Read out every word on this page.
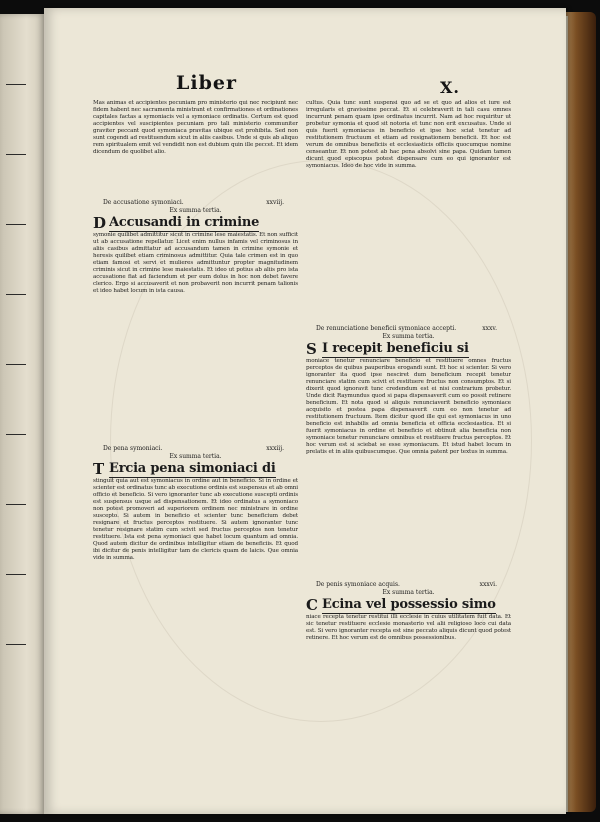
Liber	X.

Mas animas et accipientes pecuniam pro ministerio qui nec recipiunt nec fidem habent nec sacramenta ministrant et confirmationes et ordinationes capitales factas a symoniacis vel a symoniace ordinatis. Certum est quod accipientes vel suscipientes pecuniam pro tali ministerio communiter graviter peccant quod symoniaca pravitas ubique est prohibita. Sed non sunt cogendi ad restituendum sicut in aliis casibus. Unde si quis ab aliquo rem spiritualem emit vel vendidit non est dubium quin ille peccet. Et idem dicendum de quolibet alio.

De accusatione symoniaci.	xxviij.

Ex summa tertia.

D Accusandi in crimine

symonie quilibet admittitur sicut in crimine lese maiestatis. Et non sufficit ut ab accusatione repellatur. Licet enim nullus infamis vel criminosus in aliis casibus admittatur ad accusandum tamen in crimine symonie et heresis quilibet etiam criminosus admittitur. Quia tale crimen est in quo etiam famosi et servi et mulieres admittuntur propter magnitudinem criminis sicut in crimine lese maiestatis. Et ideo ut potius ab aliis pro ista accusatione fiat ad faciendum et per eum dolus in hoc non debet favere clerico. Ergo si accusaverit et non probaverit non incurrit penam talionis et ideo habet locum in ista causa.

De pena symoniaci.	xxxiij.

Ex summa tertia.

T Ercia pena simoniaci di

stinguit quia aut est symoniacus in ordine aut in beneficio. Si in ordine et scienter est ordinatus tunc ab executione ordinis est suspensus et ab omni officio et beneficio. Si vero ignoranter tunc ab executione suscepti ordinis est suspensus usque ad dispensationem. Et ideo ordinatus a symoniaco non potest promoveri ad superiorem ordinem nec ministrare in ordine suscepto. Si autem in beneficio et scienter tunc beneficium debet resignare et fructus perceptos restituere. Si autem ignoranter tunc tenetur resignare statim cum scivit sed fructus perceptos non tenetur restituere. Ista est pena symoniaci que habet locum quantum ad omnia. Quod autem dicitur de ordinibus intelligitur etiam de beneficiis. Et quod ibi dicitur de penis intelligitur tam de clericis quam de laicis. Que omnia vide in summa.

cultus. Quia tunc sunt suspensi quo ad se et quo ad alios et iure est irregularis et gravissime peccat. Et si celebraverit in tali casu omnes incurrunt penam quam ipse ordinatus incurrit. Nam ad hoc requiritur ut probetur symonia et quod sit notoria et tunc non erit excusatus. Unde si quis fuerit symoniacus in beneficio et ipse hoc sciat tenetur ad restitutionem fructuum et etiam ad resignationem beneficii. Et hoc est verum de omnibus beneficiis et ecclesiasticis officiis quocumque nomine censeantur. Et non potest ab hac pena absolvi sine papa. Quidam tamen dicunt quod episcopus potest dispensare cum eo qui ignoranter est symoniacus. Ideo de hoc vide in summa.

De renunciatione beneficii symoniace accepti.	xxxv.

Ex summa tertia.

S I recepit beneficiu si

moniace tenetur renunciare beneficio et restituere omnes fructus perceptos de quibus pauperibus erogandi sunt. Et hoc si scienter. Si vero ignoranter ita quod ipse nesciret dum beneficium recepit tenetur renunciare statim cum scivit et restituere fructus non consumptos. Et si dixerit quod ignoravit tunc credendum est ei nisi contrarium probetur. Unde dicit Raymundus quod si papa dispensaverit cum eo possit retinere beneficium. Et nota quod si aliquis renunciaverit beneficio symoniace acquisito et postea papa dispensaverit cum eo non tenetur ad restitutionem fructuum. Item dicitur quod ille qui est symoniacus in uno beneficio est inhabilis ad omnia beneficia et officia ecclesiastica. Et si fuerit symoniacus in ordine et beneficio et obtinuit alia beneficia non symoniace tenetur renunciare omnibus et restituere fructus perceptos. Et hoc verum est si sciebat se esse symoniacum. Et istud habet locum in prelatis et in aliis quibuscumque. Que omnia patent per textus in summa.

De penis symoniace acquis.	xxxvi.

Ex summa tertia.

C Ecina vel possessio simo

niace recepta tenetur restitui illi ecclesie in cuius utilitatem fuit data. Et sic tenetur restituere ecclesie monasterio vel alii religioso loco cui data est. Si vero ignoranter recepta est sine peccato aliquis dicunt quod potest retinere. Et hoc verum est de omnibus possessionibus.
